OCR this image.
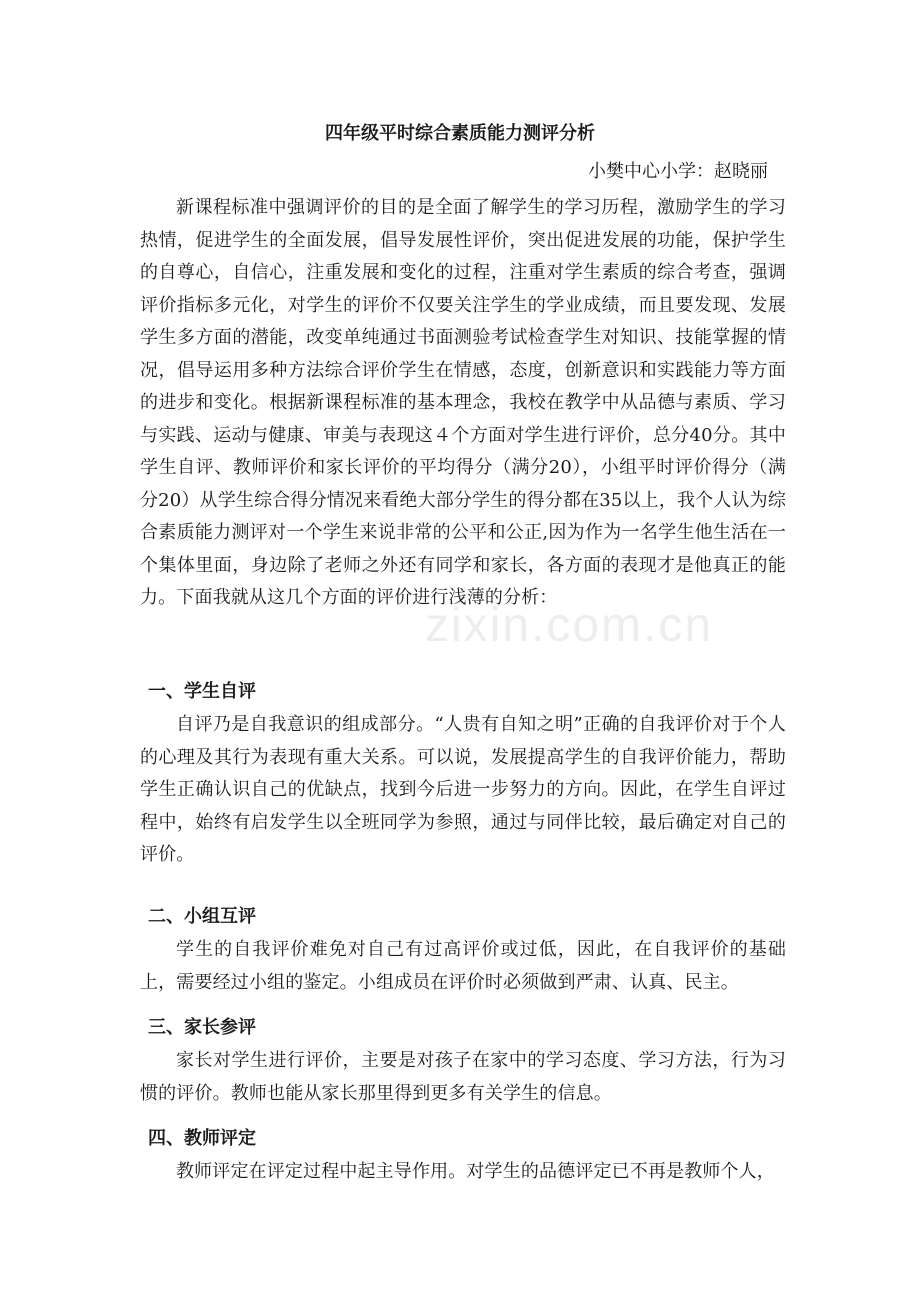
四年级平时综合素质能力测评分析
小樊中心小学：赵晓丽

新课程标准中强调评价的目的是全面了解学生的学习历程，激励学生的学习热情，促进学生的全面发展，倡导发展性评价，突出促进发展的功能，保护学生的自尊心，自信心，注重发展和变化的过程，注重对学生素质的综合考查，强调评价指标多元化，对学生的评价不仅要关注学生的学业成绩，而且要发现、发展学生多方面的潜能，改变单纯通过书面测验考试检查学生对知识、技能掌握的情况，倡导运用多种方法综合评价学生在情感，态度，创新意识和实践能力等方面的进步和变化。根据新课程标准的基本理念，我校在教学中从品德与素质、学习与实践、运动与健康、审美与表现这４个方面对学生进行评价，总分40分。其中学生自评、教师评价和家长评价的平均得分（满分20），小组平时评价得分（满分20）从学生综合得分情况来看绝大部分学生的得分都在35以上，我个人认为综合素质能力测评对一个学生来说非常的公平和公正,因为作为一名学生他生活在一个集体里面，身边除了老师之外还有同学和家长，各方面的表现才是他真正的能力。下面我就从这几个方面的评价进行浅薄的分析：

一、学生自评

自评乃是自我意识的组成部分。“人贵有自知之明”正确的自我评价对于个人的心理及其行为表现有重大关系。可以说，发展提高学生的自我评价能力，帮助学生正确认识自己的优缺点，找到今后进一步努力的方向。因此，在学生自评过程中，始终有启发学生以全班同学为参照，通过与同伴比较，最后确定对自己的评价。

二、小组互评

学生的自我评价难免对自己有过高评价或过低，因此，在自我评价的基础上，需要经过小组的鉴定。小组成员在评价时必须做到严肃、认真、民主。

三、家长参评

家长对学生进行评价，主要是对孩子在家中的学习态度、学习方法，行为习惯的评价。教师也能从家长那里得到更多有关学生的信息。

四、教师评定

教师评定在评定过程中起主导作用。对学生的品德评定已不再是教师个人，

zixin.com.cn
